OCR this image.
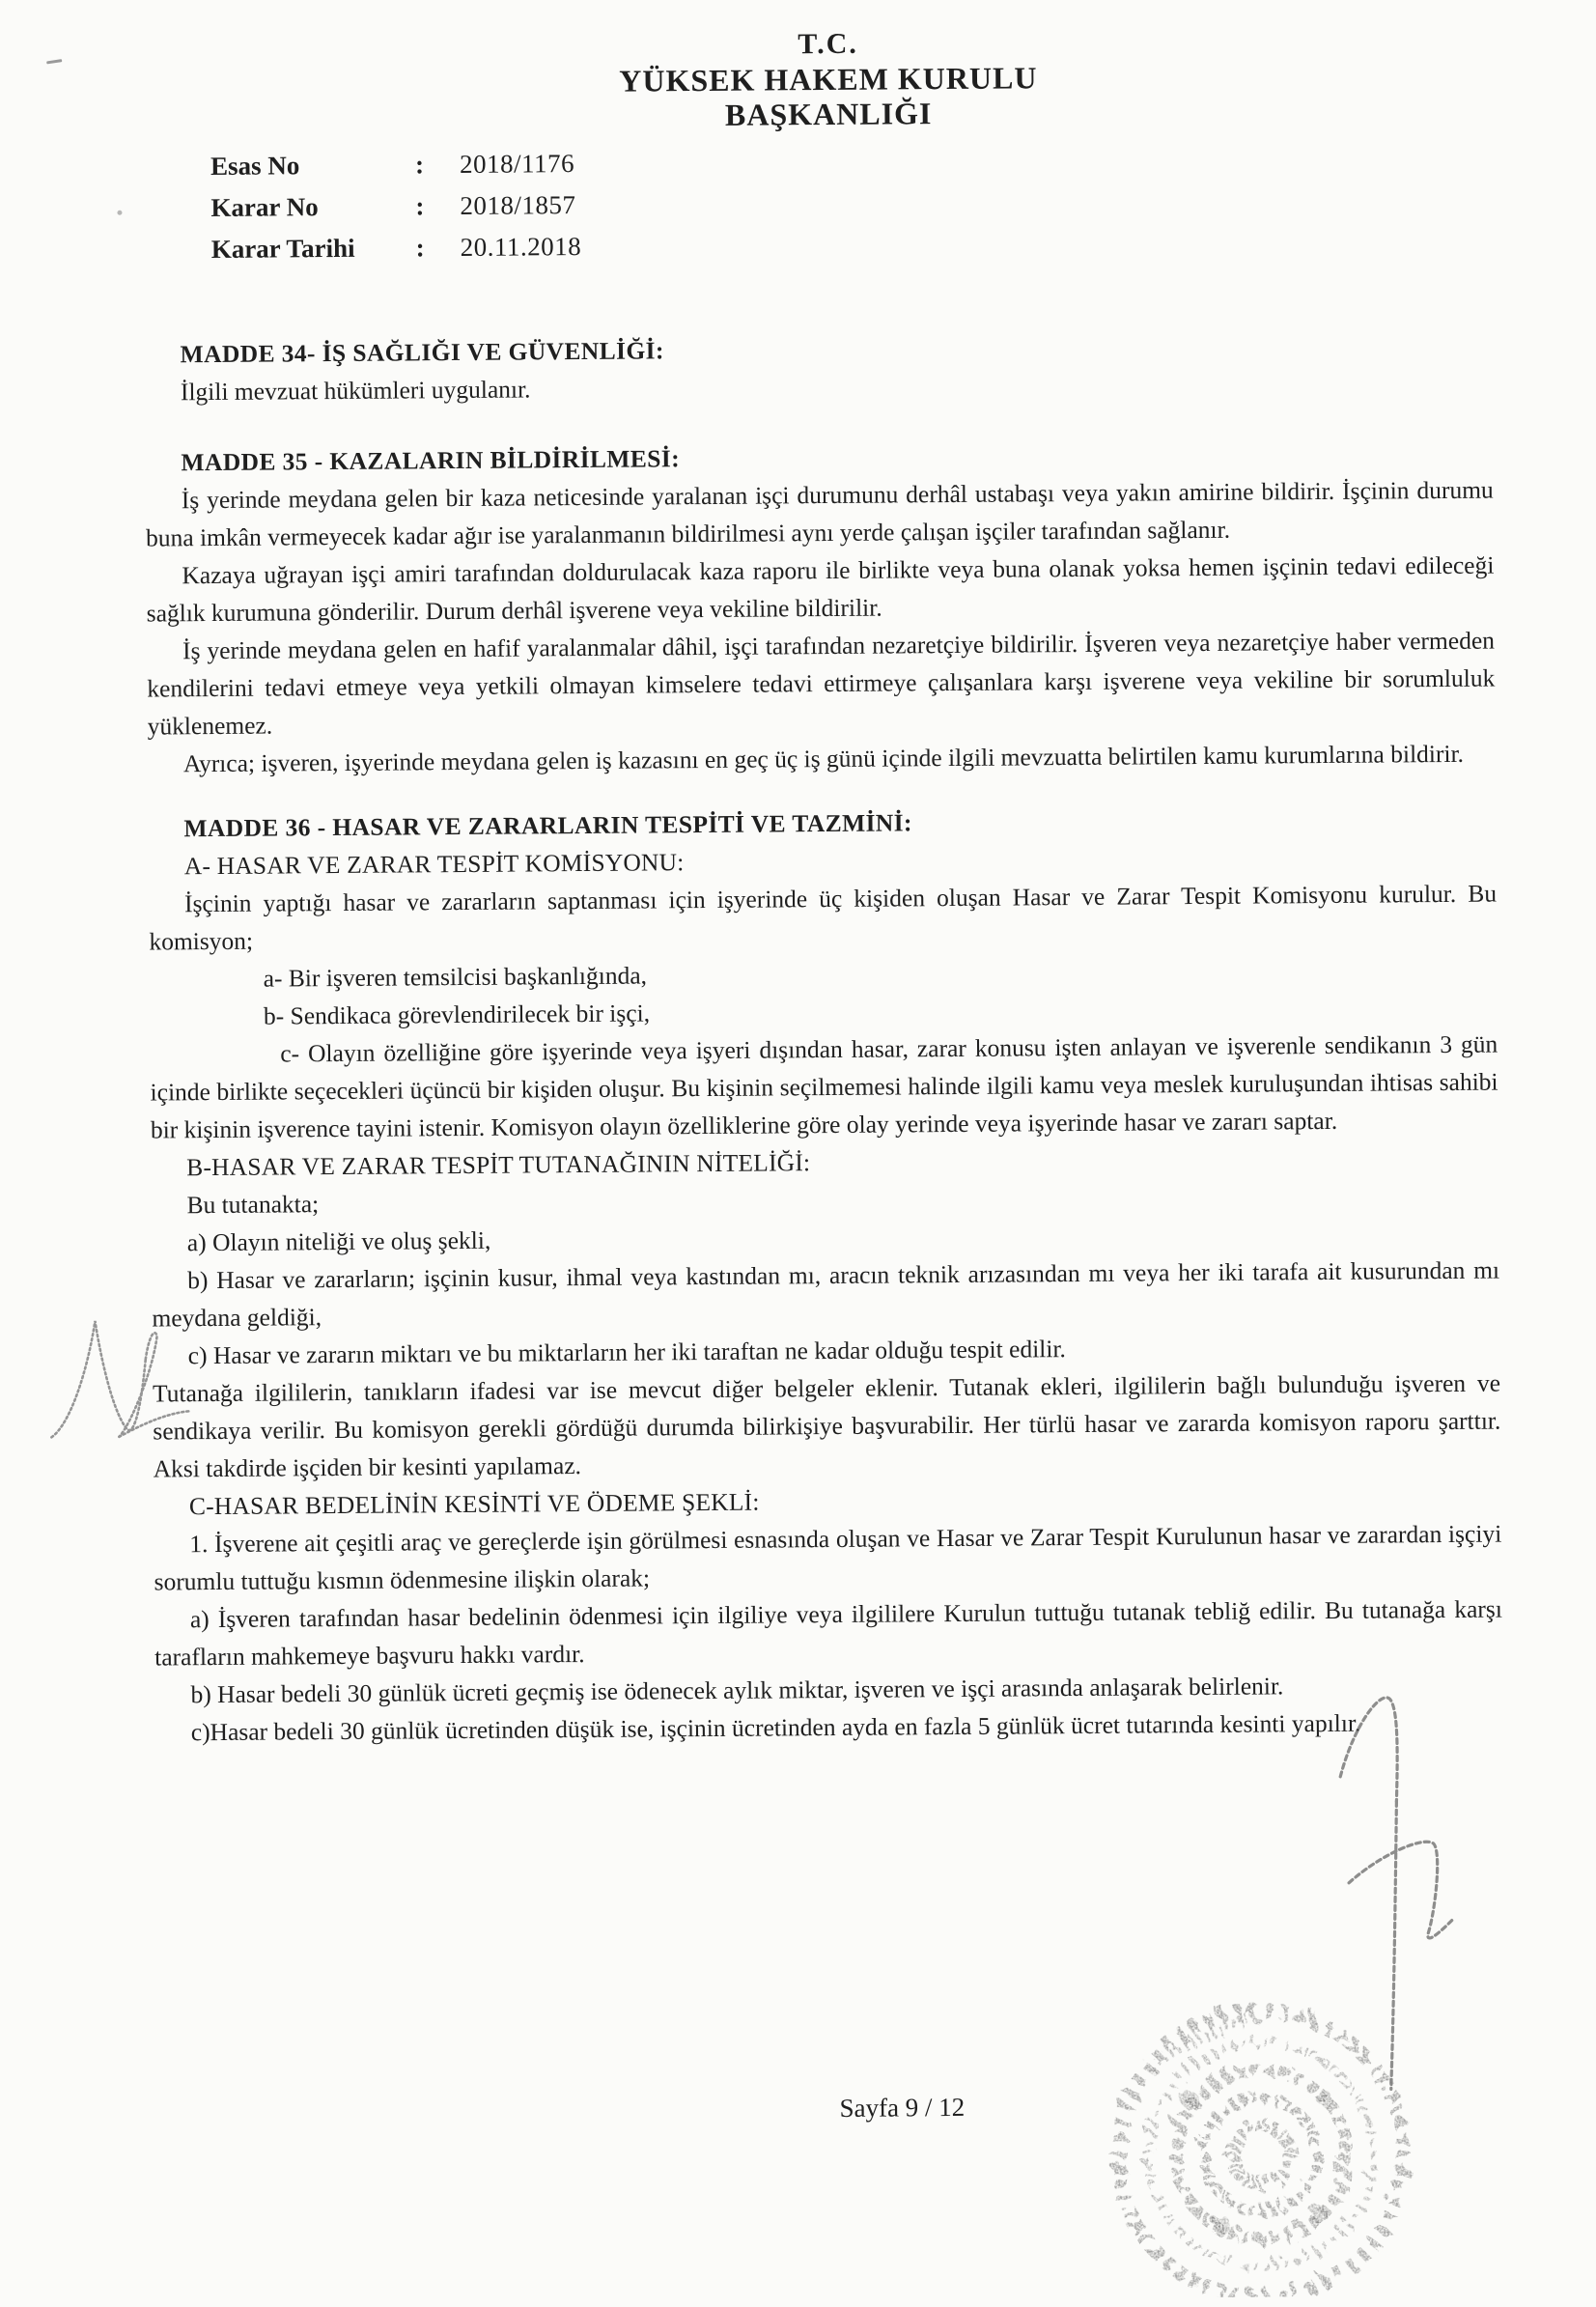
T.C.
YÜKSEK HAKEM KURULU
BAŞKANLIĞI
Esas No	:	2018/1176
Karar No	:	2018/1857
Karar Tarihi	:	20.11.2018

MADDE 34- İŞ SAĞLIĞI VE GÜVENLİĞİ:

İlgili mevzuat hükümleri uygulanır.

MADDE 35 - KAZALARIN BİLDİRİLMESİ:

İş yerinde meydana gelen bir kaza neticesinde yaralanan işçi durumunu derhâl ustabaşı veya yakın amirine bildirir. İşçinin durumu buna imkân vermeyecek kadar ağır ise yaralanmanın bildirilmesi aynı yerde çalışan işçiler tarafından sağlanır.

Kazaya uğrayan işçi amiri tarafından doldurulacak kaza raporu ile birlikte veya buna olanak yoksa hemen işçinin tedavi edileceği sağlık kurumuna gönderilir. Durum derhâl işverene veya vekiline bildirilir.

İş yerinde meydana gelen en hafif yaralanmalar dâhil, işçi tarafından nezaretçiye bildirilir. İşveren veya nezaretçiye haber vermeden kendilerini tedavi etmeye veya yetkili olmayan kimselere tedavi ettirmeye çalışanlara karşı işverene veya vekiline bir sorumluluk yüklenemez.

Ayrıca; işveren, işyerinde meydana gelen iş kazasını en geç üç iş günü içinde ilgili mevzuatta belirtilen kamu kurumlarına bildirir.

MADDE 36 - HASAR VE ZARARLARIN TESPİTİ VE TAZMİNİ:

A- HASAR VE ZARAR TESPİT KOMİSYONU:

İşçinin yaptığı hasar ve zararların saptanması için işyerinde üç kişiden oluşan Hasar ve Zarar Tespit Komisyonu kurulur. Bu komisyon;

a- Bir işveren temsilcisi başkanlığında,

b- Sendikaca görevlendirilecek bir işçi,

c- Olayın özelliğine göre işyerinde veya işyeri dışından hasar, zarar konusu işten anlayan ve işverenle sendikanın 3 gün içinde birlikte seçecekleri üçüncü bir kişiden oluşur. Bu kişinin seçilmemesi halinde ilgili kamu veya meslek kuruluşundan ihtisas sahibi bir kişinin işverence tayini istenir. Komisyon olayın özelliklerine göre olay yerinde veya işyerinde hasar ve zararı saptar.

B-HASAR VE ZARAR TESPİT TUTANAĞININ NİTELİĞİ:

Bu tutanakta;

a) Olayın niteliği ve oluş şekli,

b) Hasar ve zararların; işçinin kusur, ihmal veya kastından mı, aracın teknik arızasından mı veya her iki tarafa ait kusurundan mı meydana geldiği,

c) Hasar ve zararın miktarı ve bu miktarların her iki taraftan ne kadar olduğu tespit edilir.

Tutanağa ilgililerin, tanıkların ifadesi var ise mevcut diğer belgeler eklenir. Tutanak ekleri, ilgililerin bağlı bulunduğu işveren ve sendikaya verilir. Bu komisyon gerekli gördüğü durumda bilirkişiye başvurabilir. Her türlü hasar ve zararda komisyon raporu şarttır. Aksi takdirde işçiden bir kesinti yapılamaz.

C-HASAR BEDELİNİN KESİNTİ VE ÖDEME ŞEKLİ:

1. İşverene ait çeşitli araç ve gereçlerde işin görülmesi esnasında oluşan ve Hasar ve Zarar Tespit Kurulunun hasar ve zarardan işçiyi sorumlu tuttuğu kısmın ödenmesine ilişkin olarak;

a) İşveren tarafından hasar bedelinin ödenmesi için ilgiliye veya ilgililere Kurulun tuttuğu tutanak tebliğ edilir. Bu tutanağa karşı tarafların mahkemeye başvuru hakkı vardır.

b) Hasar bedeli 30 günlük ücreti geçmiş ise ödenecek aylık miktar, işveren ve işçi arasında anlaşarak belirlenir.

c)Hasar bedeli 30 günlük ücretinden düşük ise, işçinin ücretinden ayda en fazla 5 günlük ücret tutarında kesinti yapılır.

Sayfa 9 / 12
